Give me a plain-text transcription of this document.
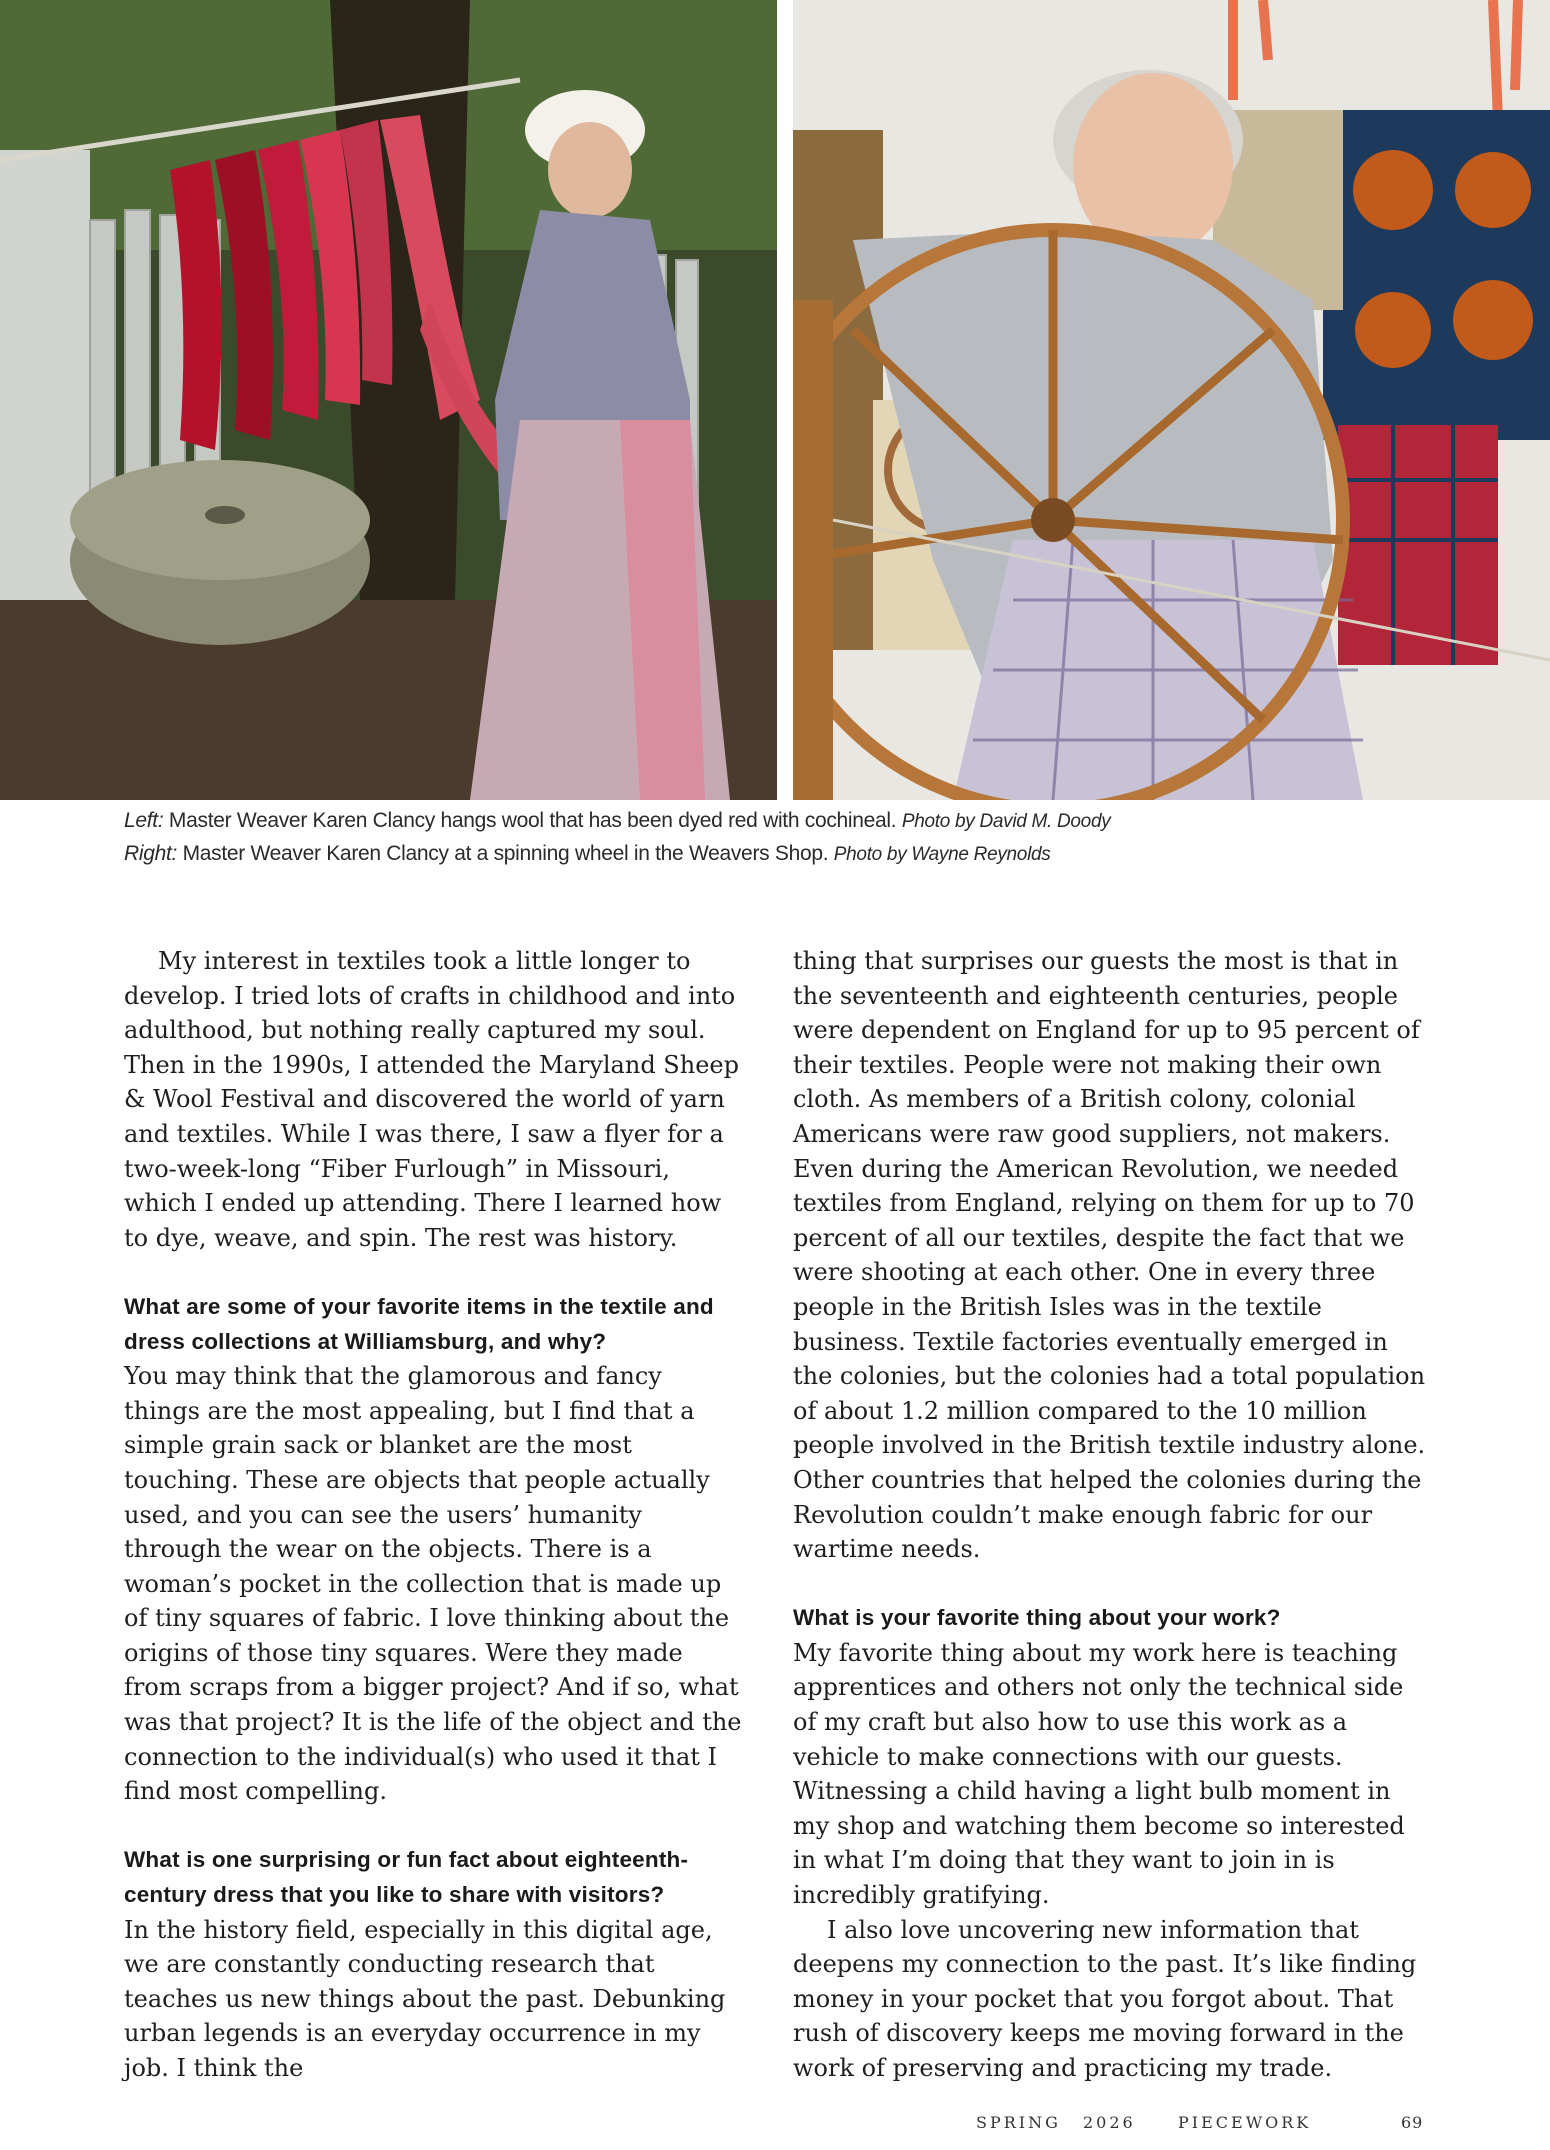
Left: Master Weaver Karen Clancy hangs wool that has been dyed red with cochineal. Photo by David M. Doody
Right: Master Weaver Karen Clancy at a spinning wheel in the Weavers Shop. Photo by Wayne Reynolds

My interest in textiles took a little longer to develop. I tried lots of crafts in childhood and into adulthood, but nothing really captured my soul. Then in the 1990s, I attended the Maryland Sheep & Wool Festival and discovered the world of yarn and textiles. While I was there, I saw a flyer for a two-week-long “Fiber Furlough” in Missouri, which I ended up attending. There I learned how to dye, weave, and spin. The rest was history.

What are some of your favorite items in the textile and dress collections at Williamsburg, and why?

You may think that the glamorous and fancy things are the most appealing, but I find that a simple grain sack or blanket are the most touching. These are objects that people actually used, and you can see the users’ humanity through the wear on the objects. There is a woman’s pocket in the collection that is made up of tiny squares of fabric. I love thinking about the origins of those tiny squares. Were they made from scraps from a bigger project? And if so, what was that project? It is the life of the object and the connection to the individual(s) who used it that I find most compelling.

What is one surprising or fun fact about eighteenth-century dress that you like to share with visitors?

In the history field, especially in this digital age, we are constantly conducting research that teaches us new things about the past. Debunking urban legends is an everyday occurrence in my job. I think the

thing that surprises our guests the most is that in the seventeenth and eighteenth centuries, people were dependent on England for up to 95 percent of their textiles. People were not making their own cloth. As members of a British colony, colonial Americans were raw good suppliers, not makers. Even during the American Revolution, we needed textiles from England, relying on them for up to 70 percent of all our textiles, despite the fact that we were shooting at each other. One in every three people in the British Isles was in the textile business. Textile factories eventually emerged in the colonies, but the colonies had a total population of about 1.2 million compared to the 10 million people involved in the British textile industry alone. Other countries that helped the colonies during the Revolution couldn’t make enough fabric for our wartime needs.

What is your favorite thing about your work?

My favorite thing about my work here is teaching apprentices and others not only the technical side of my craft but also how to use this work as a vehicle to make connections with our guests. Witnessing a child having a light bulb moment in my shop and watching them become so interested in what I’m doing that they want to join in is incredibly gratifying.

I also love uncovering new information that deepens my connection to the past. It’s like finding money in your pocket that you forgot about. That rush of discovery keeps me moving forward in the work of preserving and practicing my trade.

SPRING 2026	PIECEWORK	69
